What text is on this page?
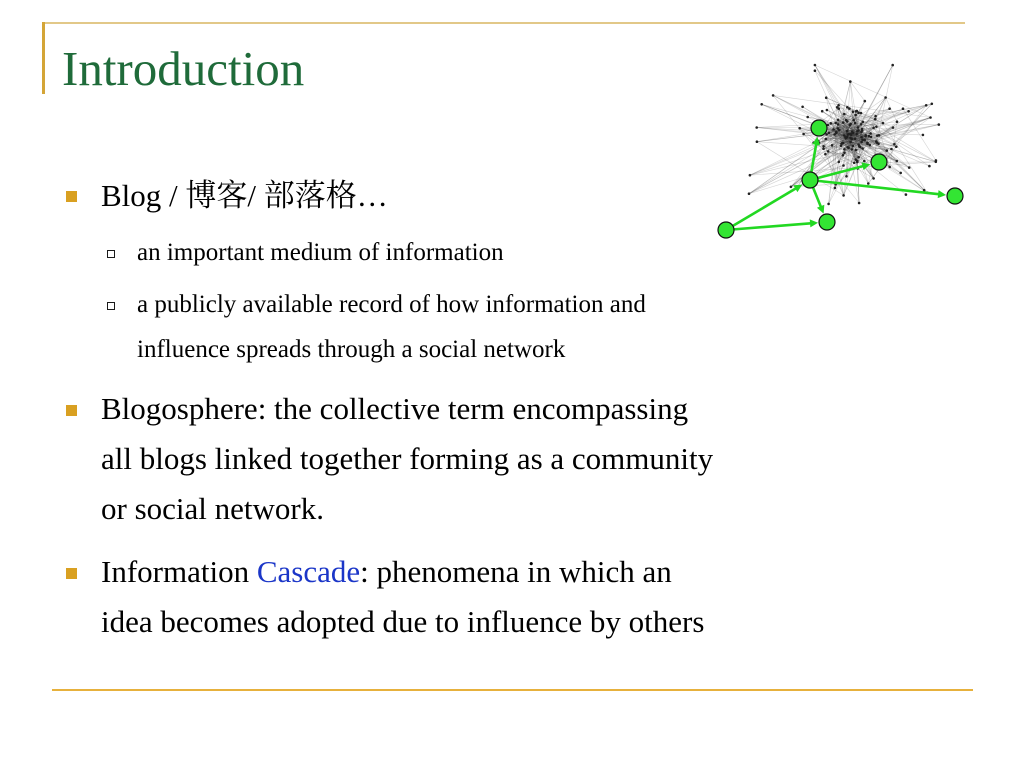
Introduction
Blog / 博客/ 部落格…
an important medium of information
a publicly available record of how information and
influence spreads through a social network
Blogosphere: the collective term encompassing
all blogs linked together forming as a community
or social network.
Information Cascade: phenomena in which an
idea becomes adopted due to influence by others
